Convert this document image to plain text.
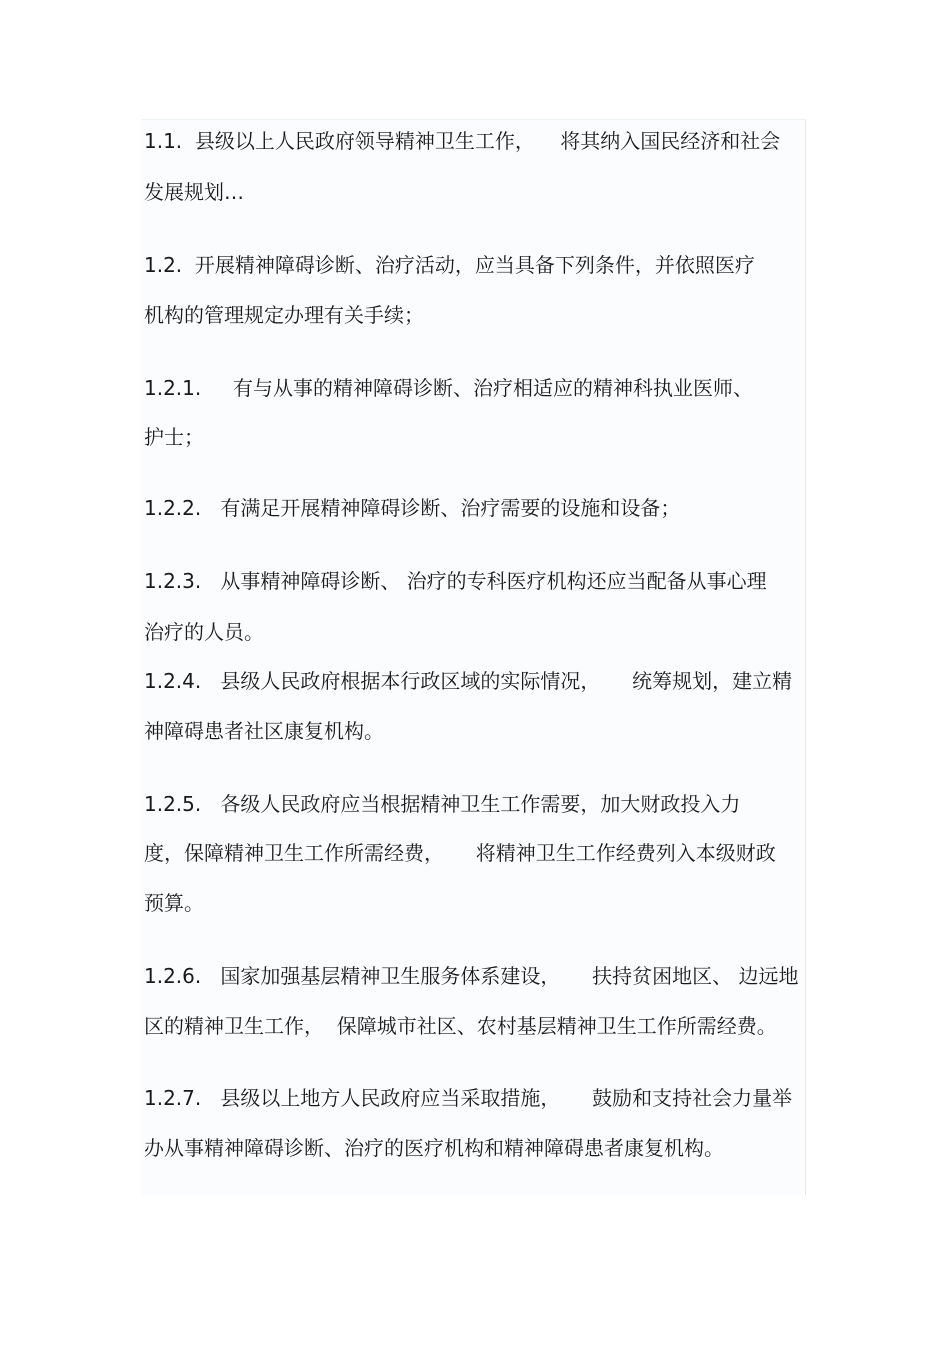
1.1.  县级以上人民政府领导精神卫生工作，    将其纳入国民经济和社会
发展规划…
1.2.  开展精神障碍诊断、治疗活动，应当具备下列条件，并依照医疗
机构的管理规定办理有关手续；
1.2.1.     有与从事的精神障碍诊断、治疗相适应的精神科执业医师、
护士；
1.2.2.   有满足开展精神障碍诊断、治疗需要的设施和设备；
1.2.3.   从事精神障碍诊断、 治疗的专科医疗机构还应当配备从事心理
治疗的人员。
1.2.4.   县级人民政府根据本行政区域的实际情况，     统筹规划，建立精
神障碍患者社区康复机构。
1.2.5.   各级人民政府应当根据精神卫生工作需要，加大财政投入力
度，保障精神卫生工作所需经费，     将精神卫生工作经费列入本级财政
预算。
1.2.6.   国家加强基层精神卫生服务体系建设，     扶持贫困地区、 边远地
区的精神卫生工作，  保障城市社区、农村基层精神卫生工作所需经费。
1.2.7.   县级以上地方人民政府应当采取措施，     鼓励和支持社会力量举
办从事精神障碍诊断、治疗的医疗机构和精神障碍患者康复机构。
